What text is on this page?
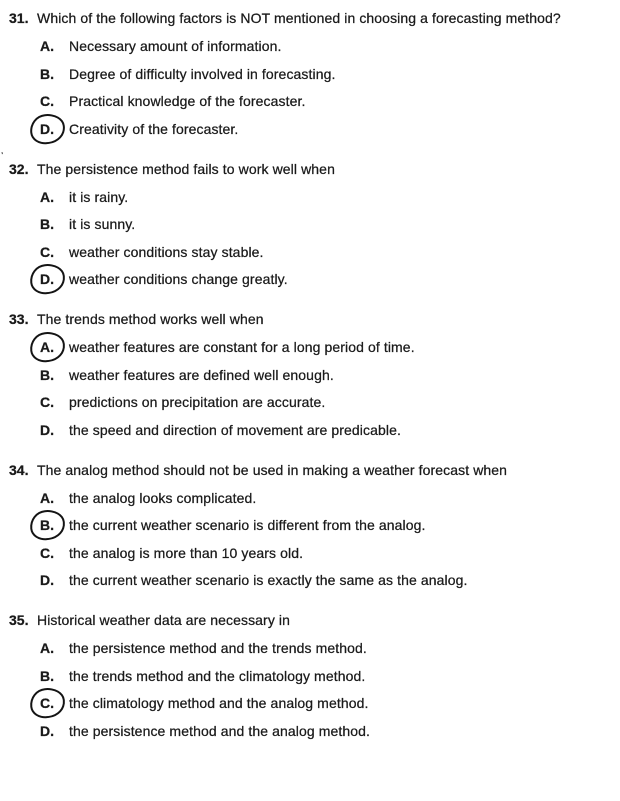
31. Which of the following factors is NOT mentioned in choosing a forecasting method?
A.	Necessary amount of information.
B.	Degree of difficulty involved in forecasting.
C.	Practical knowledge of the forecaster.
D.	Creativity of the forecaster.
32. The persistence method fails to work well when
A.	it is rainy.
B.	it is sunny.
C.	weather conditions stay stable.
D.	weather conditions change greatly.
33. The trends method works well when
A.	weather features are constant for a long period of time.
B.	weather features are defined well enough.
C.	predictions on precipitation are accurate.
D.	the speed and direction of movement are predicable.
34. The analog method should not be used in making a weather forecast when
A.	the analog looks complicated.
B.	the current weather scenario is different from the analog.
C.	the analog is more than 10 years old.
D.	the current weather scenario is exactly the same as the analog.
35. Historical weather data are necessary in
A.	the persistence method and the trends method.
B.	the trends method and the climatology method.
C.	the climatology method and the analog method.
D.	the persistence method and the analog method.
. ·
